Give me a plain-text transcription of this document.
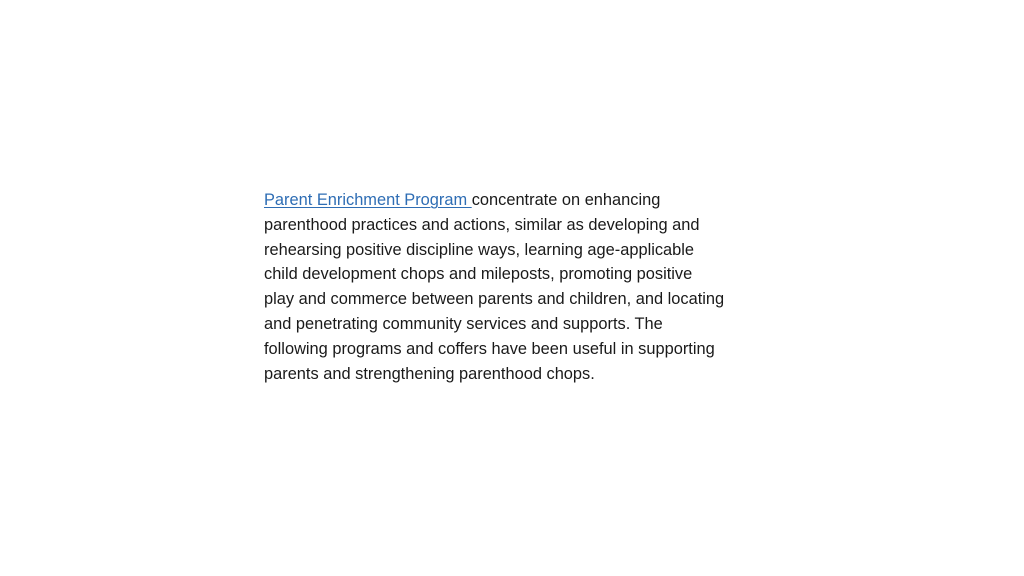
Parent Enrichment Program concentrate on enhancing
parenthood practices and actions, similar as developing and
rehearsing positive discipline ways, learning age-applicable
child development chops and mileposts, promoting positive
play and commerce between parents and children, and locating
and penetrating community services and supports. The
following programs and coffers have been useful in supporting
parents and strengthening parenthood chops.
